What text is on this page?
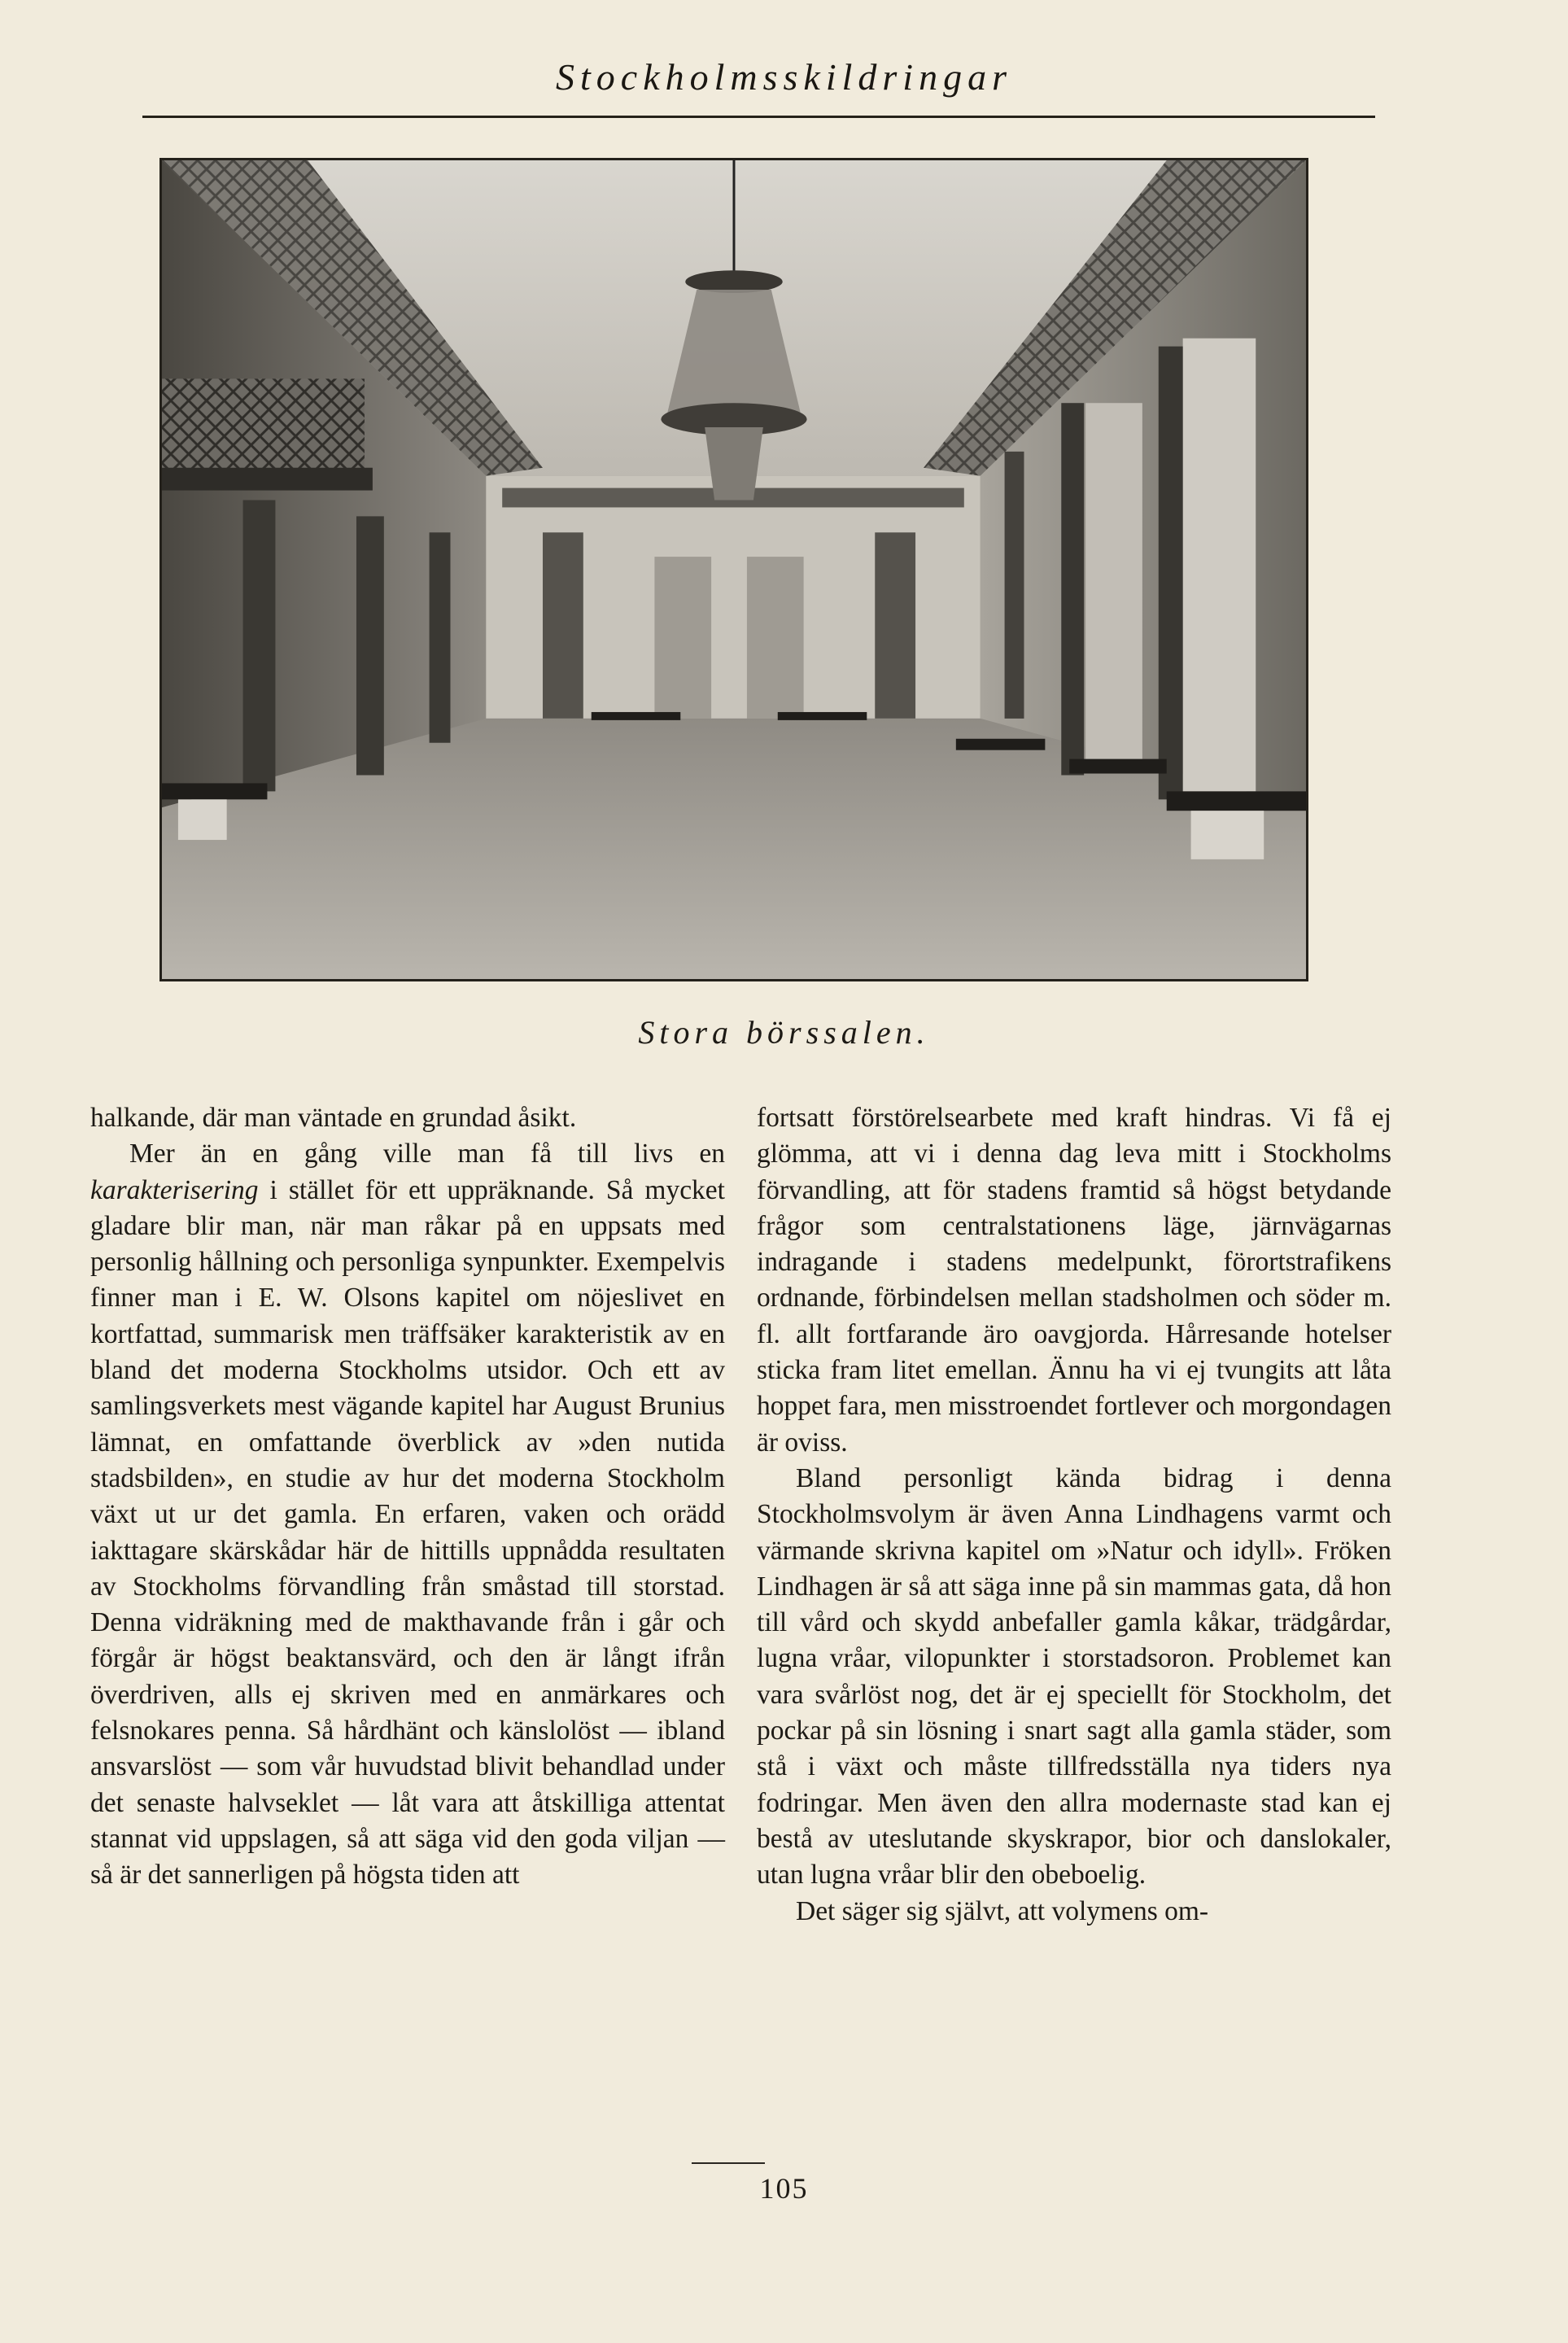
Stockholmsskildringar
Stora börssalen.

halkande, där man väntade en grundad åsikt.

Mer än en gång ville man få till livs en karakterisering i stället för ett uppräknande. Så mycket gladare blir man, när man råkar på en uppsats med personlig hållning och personliga synpunkter. Exempelvis finner man i E. W. Olsons kapitel om nöjeslivet en kortfattad, summarisk men träffsäker karakteristik av en bland det moderna Stockholms utsidor. Och ett av samlingsverkets mest vägande kapitel har August Brunius lämnat, en omfattande överblick av »den nutida stadsbilden», en studie av hur det moderna Stockholm växt ut ur det gamla. En erfaren, vaken och orädd iakttagare skärskådar här de hittills uppnådda resultaten av Stockholms förvandling från småstad till storstad. Denna vidräkning med de makthavande från i går och förgår är högst beaktansvärd, och den är långt ifrån överdriven, alls ej skriven med en anmärkares och felsnokares penna. Så hårdhänt och känslolöst — ibland ansvarslöst — som vår huvudstad blivit behandlad under det senaste halvseklet — låt vara att åtskilliga attentat stannat vid uppslagen, så att säga vid den goda viljan — så är det sannerligen på högsta tiden att

fortsatt förstörelsearbete med kraft hindras. Vi få ej glömma, att vi i denna dag leva mitt i Stockholms förvandling, att för stadens framtid så högst betydande frågor som centralstationens läge, järnvägarnas indragande i stadens medelpunkt, förortstrafikens ordnande, förbindelsen mellan stadsholmen och söder m. fl. allt fortfarande äro oavgjorda. Hårresande hotelser sticka fram litet emellan. Ännu ha vi ej tvungits att låta hoppet fara, men misstroendet fortlever och morgondagen är oviss.

Bland personligt kända bidrag i denna Stockholmsvolym är även Anna Lindhagens varmt och värmande skrivna kapitel om »Natur och idyll». Fröken Lindhagen är så att säga inne på sin mammas gata, då hon till vård och skydd anbefaller gamla kåkar, trädgårdar, lugna vråar, vilopunkter i storstadsoron. Problemet kan vara svårlöst nog, det är ej speciellt för Stockholm, det pockar på sin lösning i snart sagt alla gamla städer, som stå i växt och måste tillfredsställa nya tiders nya fodringar. Men även den allra modernaste stad kan ej bestå av uteslutande skyskrapor, bior och danslokaler, utan lugna vråar blir den obeboelig.

Det säger sig självt, att volymens om-

105
